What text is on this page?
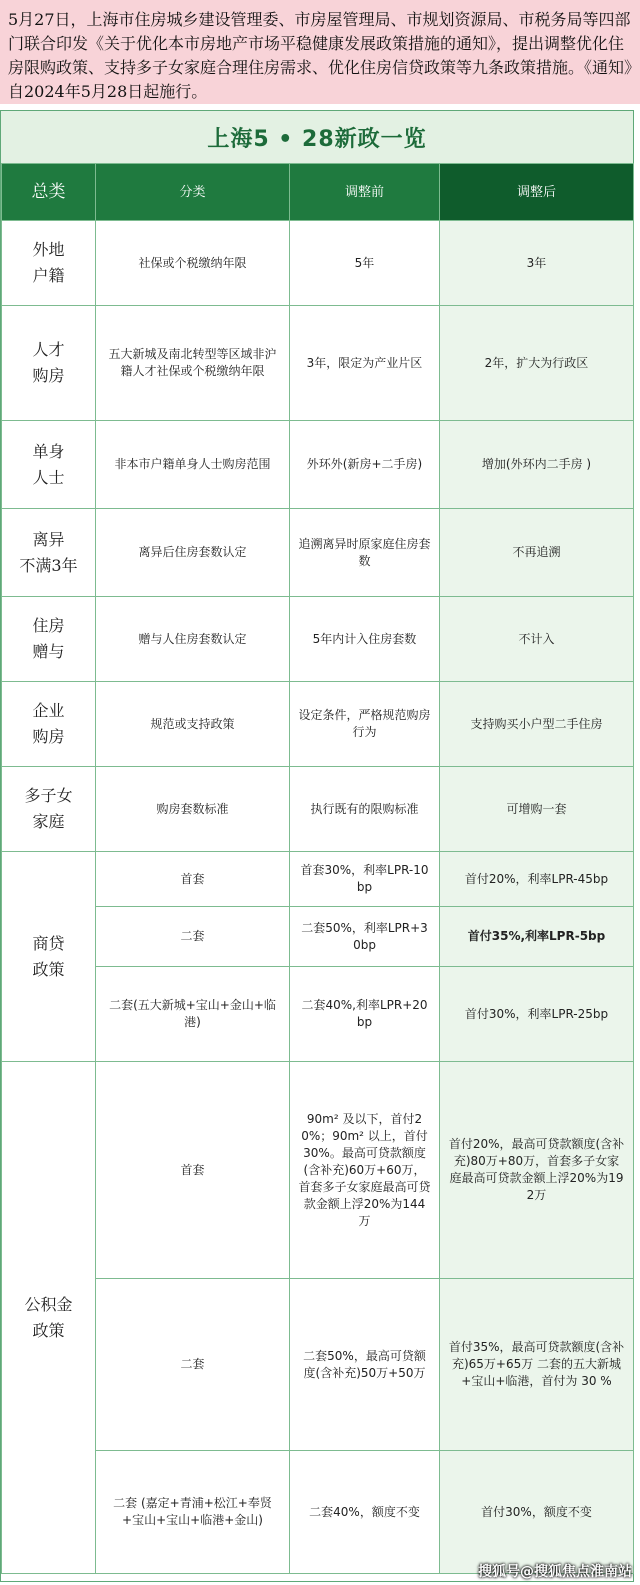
5月27日，上海市住房城乡建设管理委、市房屋管理局、市规划资源局、市税务局等四部门联合印发《关于优化本市房地产市场平稳健康发展政策措施的通知》，提出调整优化住房限购政策、支持多子女家庭合理住房需求、优化住房信贷政策等九条政策措施。《通知》自2024年5月28日起施行。
上海5 • 28新政一览
总类	分类	调整前	调整后

外地
户籍	社保或个税缴纳年限	5年	3年

人才
购房	五大新城及南北转型等区域非沪籍人才社保或个税缴纳年限	3年，限定为产业片区	2年，扩大为行政区

单身
人士	非本市户籍单身人士购房范围	外环外(新房+二手房)	增加(外环内二手房 )

离异
不满3年	离异后住房套数认定	追溯离异时原家庭住房套数	不再追溯

住房
赠与	赠与人住房套数认定	5年内计入住房套数	不计入

企业
购房	规范或支持政策	设定条件，严格规范购房行为	支持购买小户型二手住房

多子女
家庭	购房套数标准	执行既有的限购标准	可增购一套

商贷
政策	首套	首套30%，利率LPR-10bp	首付20%，利率LPR-45bp
	二套	二套50%，利率LPR+30bp	首付35%,利率LPR-5bp
	二套(五大新城+宝山+金山+临港)	二套40%,利率LPR+20bp	首付30%，利率LPR-25bp

公积金
政策	首套	90m² 及以下，首付20%；90m² 以上，首付30%。最高可贷款额度(含补充)60万+60万，首套多子女家庭最高可贷款金额上浮20%为144万	首付20%，最高可贷款额度(含补充)80万+80万，首套多子女家庭最高可贷款金额上浮20%为192万
	二套	二套50%，最高可贷额度(含补充)50万+50万	首付35%，最高可贷款额度(含补充)65万+65万 二套的五大新城+宝山+临港，首付为 30 %
	二套 (嘉定+青浦+松江+奉贤+宝山+宝山+临港+金山)	二套40%，额度不变	首付30%，额度不变
搜狐号@搜狐焦点淮南站
